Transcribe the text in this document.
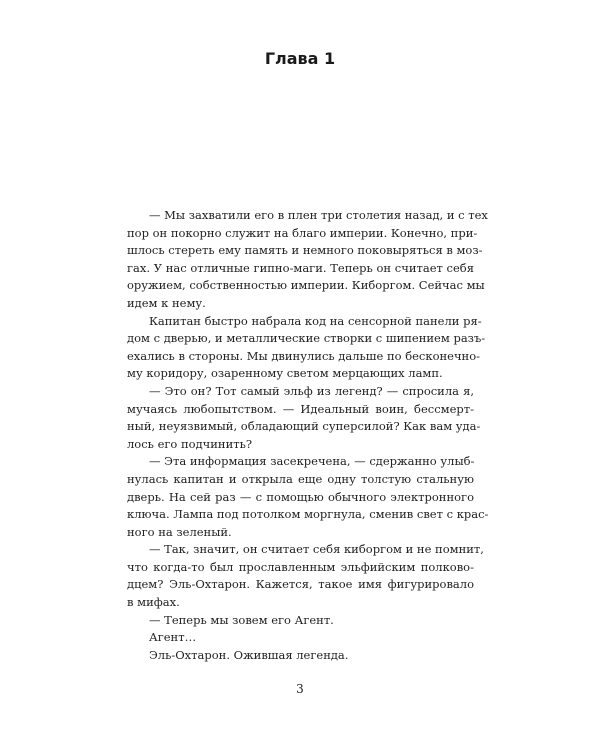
Глава 1
— Мы захватили его в плен три столетия назад, и с тех
пор он покорно служит на благо империи. Конечно, при-
шлось стереть ему память и немного поковыряться в моз-
гах. У нас отличные гипно-маги. Теперь он считает себя
оружием, собственностью империи. Киборгом. Сейчас мы
идем к нему.
Капитан быстро набрала код на сенсорной панели ря-
дом с дверью, и металлические створки с шипением разъ-
ехались в стороны. Мы двинулись дальше по бесконечно-
му коридору, озаренному светом мерцающих ламп.
— Это он? Тот самый эльф из легенд? — спросила я,
мучаясь любопытством. — Идеальный воин, бессмерт-
ный, неуязвимый, обладающий суперсилой? Как вам уда-
лось его подчинить?
— Эта информация засекречена, — сдержанно улыб-
нулась капитан и открыла еще одну толстую стальную
дверь. На сей раз — с помощью обычного электронного
ключа. Лампа под потолком моргнула, сменив свет с крас-
ного на зеленый.
— Так, значит, он считает себя киборгом и не помнит,
что когда-то был прославленным эльфийским полково-
дцем? Эль-Охтарон. Кажется, такое имя фигурировало
в мифах.
— Теперь мы зовем его Агент.
Агент…
Эль-Охтарон. Ожившая легенда.
3
